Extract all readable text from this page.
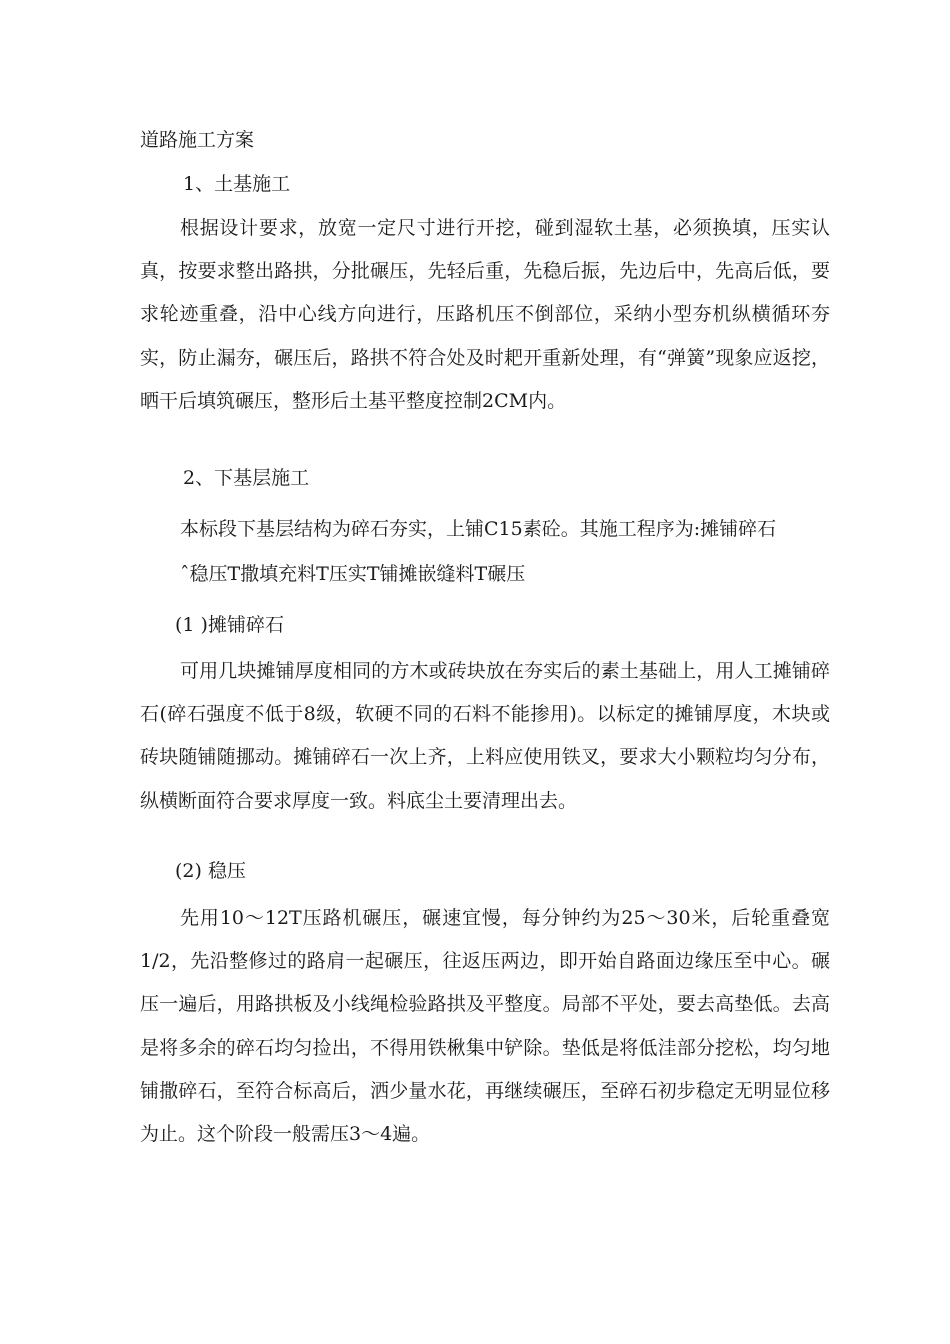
道路施工方案
1、土基施工
根据设计要求，放宽一定尺寸进行开挖，碰到湿软土基，必须换填，压实认真，按要求整出路拱，分批碾压，先轻后重，先稳后振，先边后中，先高后低，要求轮迹重叠，沿中心线方向进行，压路机压不倒部位，采纳小型夯机纵横循环夯实，防止漏夯，碾压后，路拱不符合处及时耙开重新处理，有“弹簧”现象应返挖，晒干后填筑碾压，整形后土基平整度控制2CM内。
2、下基层施工
本标段下基层结构为碎石夯实，上铺C15素砼。其施工程序为:摊铺碎石
ˆ稳压T撒填充料T压实T铺摊嵌缝料T碾压
(1 )摊铺碎石
可用几块摊铺厚度相同的方木或砖块放在夯实后的素土基础上，用人工摊铺碎石(碎石强度不低于8级，软硬不同的石料不能掺用)。以标定的摊铺厚度，木块或砖块随铺随挪动。摊铺碎石一次上齐，上料应使用铁叉，要求大小颗粒均匀分布，纵横断面符合要求厚度一致。料底尘土要清理出去。
(2) 稳压
先用10〜12T压路机碾压，碾速宜慢，每分钟约为25〜30米，后轮重叠宽1/2，先沿整修过的路肩一起碾压，往返压两边，即开始自路面边缘压至中心。碾压一遍后，用路拱板及小线绳检验路拱及平整度。局部不平处，要去高垫低。去高是将多余的碎石均匀捡出，不得用铁楸集中铲除。垫低是将低洼部分挖松，均匀地铺撒碎石，至符合标高后，洒少量水花，再继续碾压，至碎石初步稳定无明显位移为止。这个阶段一般需压3〜4遍。
